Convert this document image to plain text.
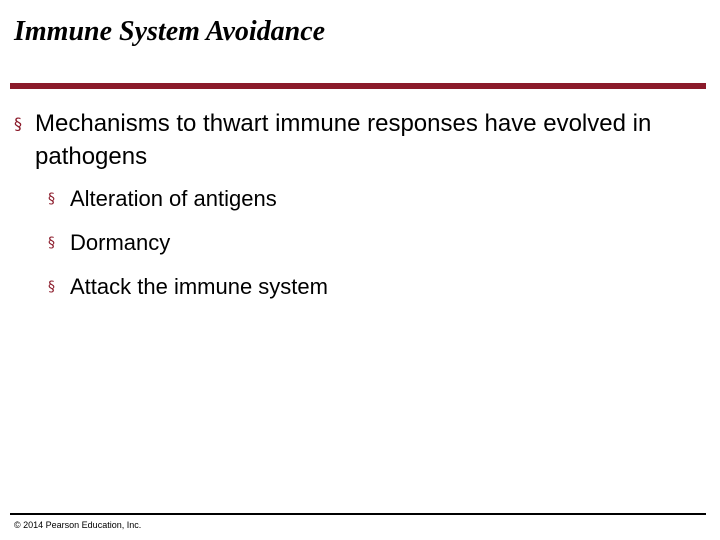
Immune System Avoidance
§ Mechanisms to thwart immune responses have evolved in pathogens
§ Alteration of antigens
§ Dormancy
§ Attack the immune system
© 2014 Pearson Education, Inc.
